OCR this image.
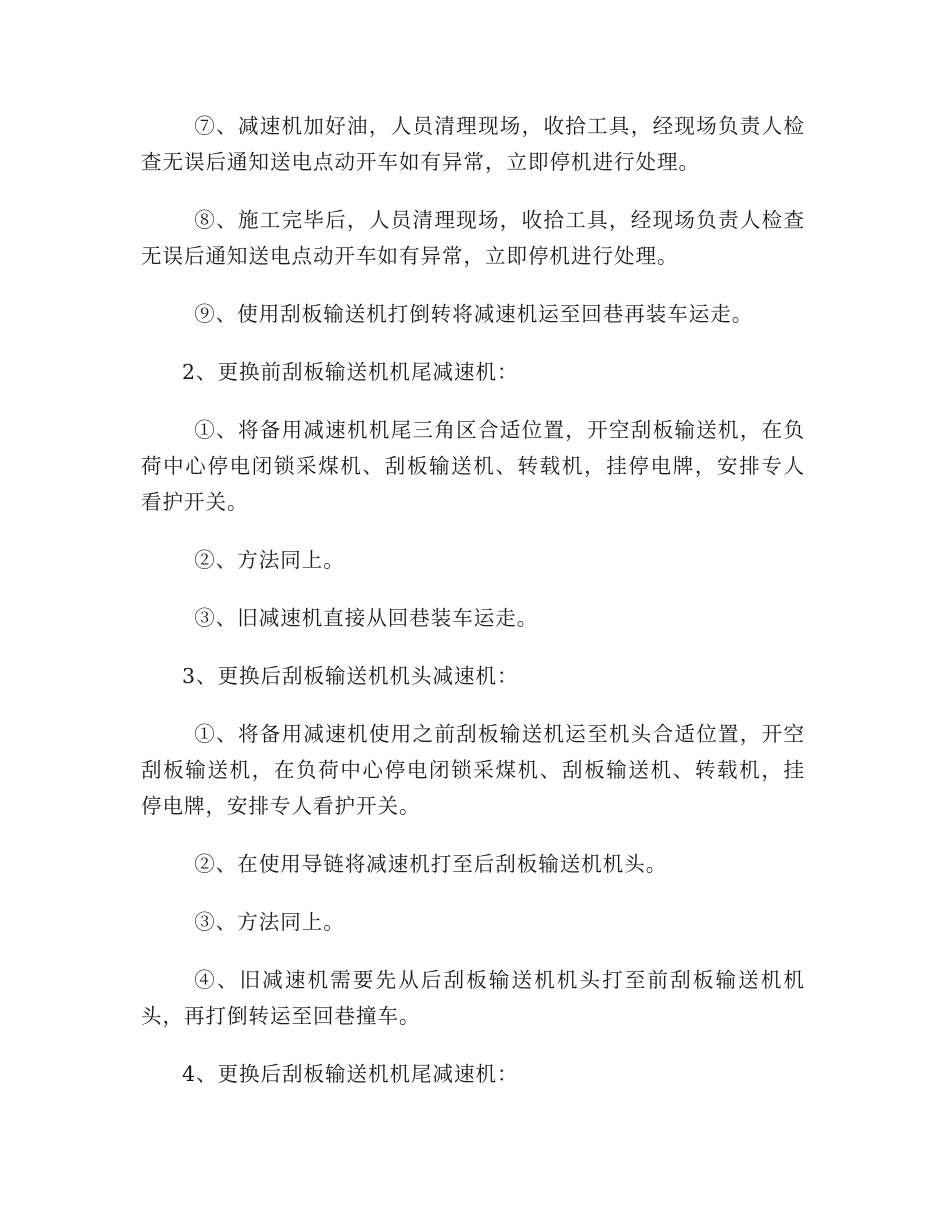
⑦、减速机加好油，人员清理现场，收拾工具，经现场负责人检查无误后通知送电点动开车如有异常，立即停机进行处理。

⑧、施工完毕后，人员清理现场，收拾工具，经现场负责人检查无误后通知送电点动开车如有异常，立即停机进行处理。

⑨、使用刮板输送机打倒转将减速机运至回巷再装车运走。

2、更换前刮板输送机机尾减速机：

①、将备用减速机机尾三角区合适位置，开空刮板输送机，在负荷中心停电闭锁采煤机、刮板输送机、转载机，挂停电牌，安排专人看护开关。

②、方法同上。

③、旧减速机直接从回巷装车运走。

3、更换后刮板输送机机头减速机：

①、将备用减速机使用之前刮板输送机运至机头合适位置，开空刮板输送机，在负荷中心停电闭锁采煤机、刮板输送机、转载机，挂停电牌，安排专人看护开关。

②、在使用导链将减速机打至后刮板输送机机头。

③、方法同上。

④、旧减速机需要先从后刮板输送机机头打至前刮板输送机机头，再打倒转运至回巷撞车。

4、更换后刮板输送机机尾减速机：
